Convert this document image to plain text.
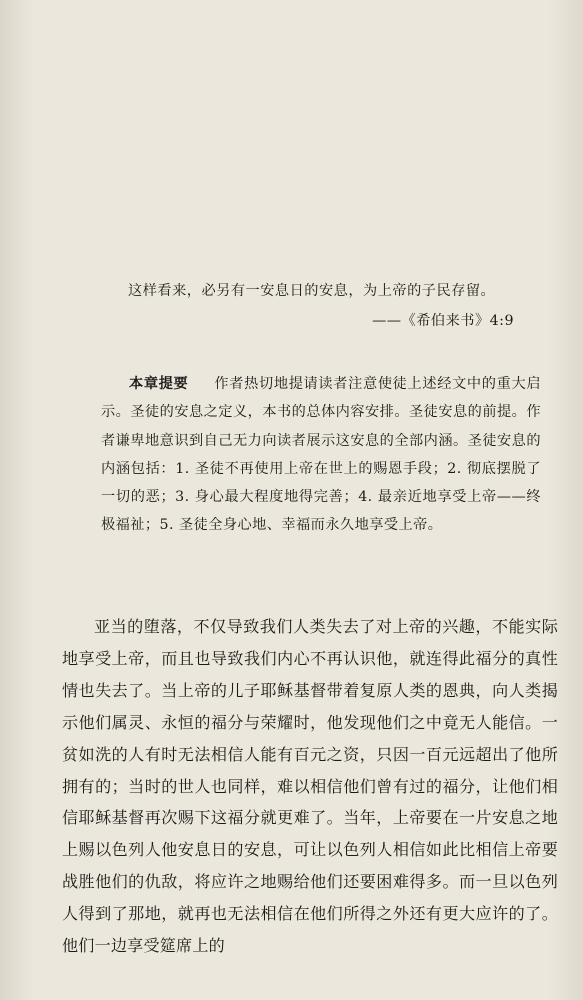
这样看来，必另有一安息日的安息，为上帝的子民存留。
——《希伯来书》4:9
本章提要 作者热切地提请读者注意使徒上述经文中的重大启示。圣徒的安息之定义，本书的总体内容安排。圣徒安息的前提。作者谦卑地意识到自己无力向读者展示这安息的全部内涵。圣徒安息的内涵包括：1. 圣徒不再使用上帝在世上的赐恩手段；2. 彻底摆脱了一切的恶；3. 身心最大程度地得完善；4. 最亲近地享受上帝——终极福祉；5. 圣徒全身心地、幸福而永久地享受上帝。

亚当的堕落，不仅导致我们人类失去了对上帝的兴趣，不能实际地享受上帝，而且也导致我们内心不再认识他，就连得此福分的真性情也失去了。当上帝的儿子耶稣基督带着复原人类的恩典，向人类揭示他们属灵、永恒的福分与荣耀时，他发现他们之中竟无人能信。一贫如洗的人有时无法相信人能有百元之资，只因一百元远超出了他所拥有的；当时的世人也同样，难以相信他们曾有过的福分，让他们相信耶稣基督再次赐下这福分就更难了。当年，上帝要在一片安息之地上赐以色列人他安息日的安息，可让以色列人相信如此比相信上帝要战胜他们的仇敌，将应许之地赐给他们还要困难得多。而一旦以色列人得到了那地，就再也无法相信在他们所得之外还有更大应许的了。他们一边享受筵席上的
